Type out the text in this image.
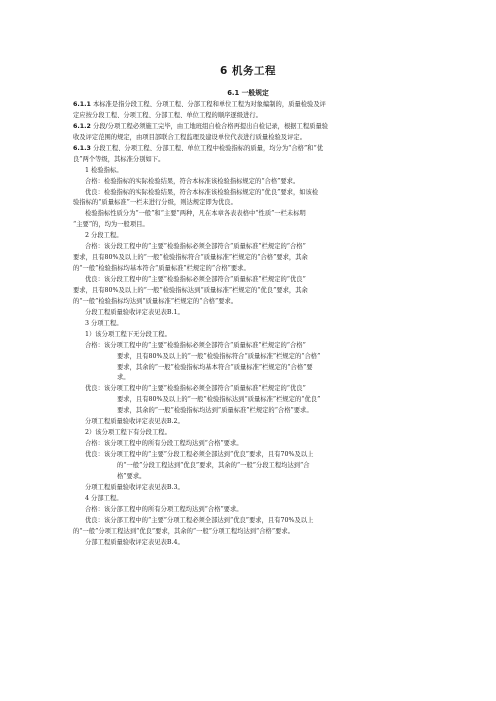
6 机务工程
6.1 一般规定
6.1.1 本标准是指分段工程、分项工程、分部工程和单位工程为对象编制的，质量检验及评
定应按分段工程、分项工程、分部工程、单位工程的顺序逐级进行。
6.1.2 分段/分项工程必须施工完毕，由工地班组自检合格再提出自检记录，根据工程质量验
收及评定范围的规定，由项目部联合工程监理及建设单位代表进行质量检验及评定。
6.1.3 分段工程、分项工程、分部工程、单位工程中检验指标的质量，均分为“合格”和“优
良”两个等级，其标准分别如下。
1 检验指标。
合格：检验指标的实际检验结果，符合本标准该检验指标规定的“合格”要求。
优良：检验指标的实际检验结果，符合本标准该检验指标规定的“优良”要求，如该检
验指标的“质量标准”一栏未进行分级，则达规定即为优良。
检验指标性质分为“一般”和“主要”两种，凡在本章各表表格中“性质”一栏未标明
“主要”的，均为一般项目。
2 分段工程。
合格：该分段工程中的“主要”检验指标必须全部符合“质量标准”栏规定的“合格”
要求，且有80%及以上的“一般”检验指标符合“质量标准”栏规定的“合格”要求，其余
的“一般”检验指标均基本符合“质量标准”栏规定的“合格”要求。
优良：该分段工程中的“主要”检验指标必须全部符合“质量标准”栏规定的“优良”
要求，且有80%及以上的“一般”检验指标达到“质量标准”栏规定的“优良”要求，其余
的“一般”检验指标均达到“质量标准”栏规定的“合格”要求。
分段工程质量验收评定表见表B.1。
3 分项工程。
1）该分项工程下无分段工程。
合格：该分项工程中的“主要”检验指标必须全部符合“质量标准”栏规定的“合格”
要求，且有80%及以上的“一般”检验指标符合“质量标准”栏规定的“合格”
要求，其余的“一般”检验指标均基本符合“质量标准”栏规定的“合格”要
求。
优良：该分项工程中的“主要”检验指标必须全部符合“质量标准”栏规定的“优良”
要求，且有80%及以上的“一般”检验指标达到“质量标准”栏规定的“优良”
要求，其余的“一般”检验指标均达到“质量标准”栏规定的“合格”要求。
分项工程质量验收评定表见表B.2。
2）该分项工程下有分段工程。
合格：该分项工程中的所有分段工程均达到“合格”要求。
优良：该分项工程中的“主要”分段工程必须全部达到“优良”要求，且有70%及以上
的“一般”分段工程达到“优良”要求，其余的“一般”分段工程均达到“合
格”要求。
分项工程质量验收评定表见表B.3。
4 分部工程。
合格：该分部工程中的所有分项工程均达到“合格”要求。
优良：该分部工程中的“主要”分项工程必须全部达到“优良”要求，且有70%及以上
的“一般”分项工程达到“优良”要求，其余的“一般”分项工程均达到“合格”要求。
分部工程质量验收评定表见表B.4。
